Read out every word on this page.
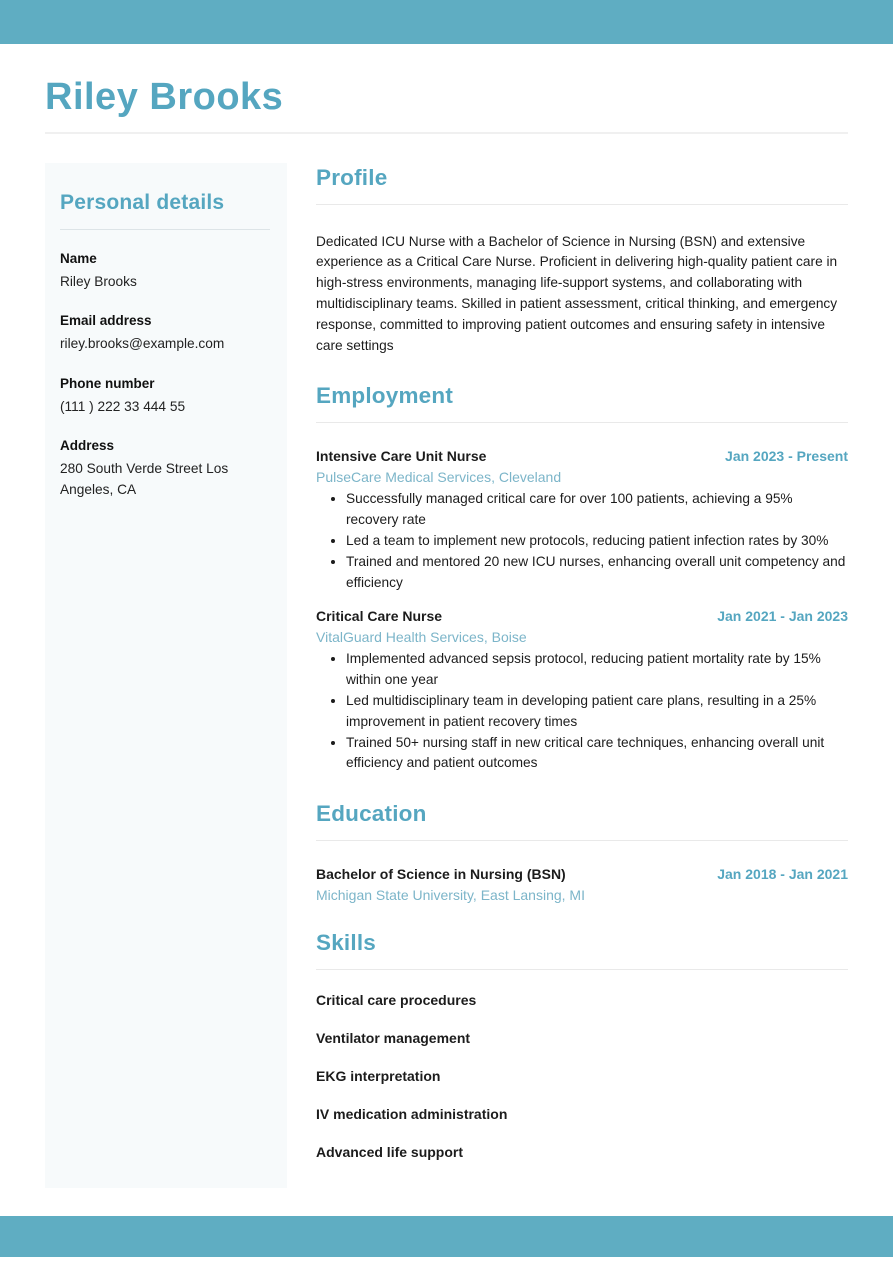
Riley Brooks
Personal details
Name
Riley Brooks
Email address
riley.brooks@example.com
Phone number
(111 ) 222 33 444 55
Address
280 South Verde Street Los Angeles, CA
Profile

Dedicated ICU Nurse with a Bachelor of Science in Nursing (BSN) and extensive experience as a Critical Care Nurse. Proficient in delivering high-quality patient care in high-stress environments, managing life-support systems, and collaborating with multidisciplinary teams. Skilled in patient assessment, critical thinking, and emergency response, committed to improving patient outcomes and ensuring safety in intensive care settings

Employment
Intensive Care Unit Nurse	Jan 2023 - Present
PulseCare Medical Services, Cleveland
• Successfully managed critical care for over 100 patients, achieving a 95% recovery rate
• Led a team to implement new protocols, reducing patient infection rates by 30%
• Trained and mentored 20 new ICU nurses, enhancing overall unit competency and efficiency
Critical Care Nurse	Jan 2021 - Jan 2023
VitalGuard Health Services, Boise
• Implemented advanced sepsis protocol, reducing patient mortality rate by 15% within one year
• Led multidisciplinary team in developing patient care plans, resulting in a 25% improvement in patient recovery times
• Trained 50+ nursing staff in new critical care techniques, enhancing overall unit efficiency and patient outcomes
Education
Bachelor of Science in Nursing (BSN)	Jan 2018 - Jan 2021
Michigan State University, East Lansing, MI
Skills
Critical care procedures
Ventilator management
EKG interpretation
IV medication administration
Advanced life support
